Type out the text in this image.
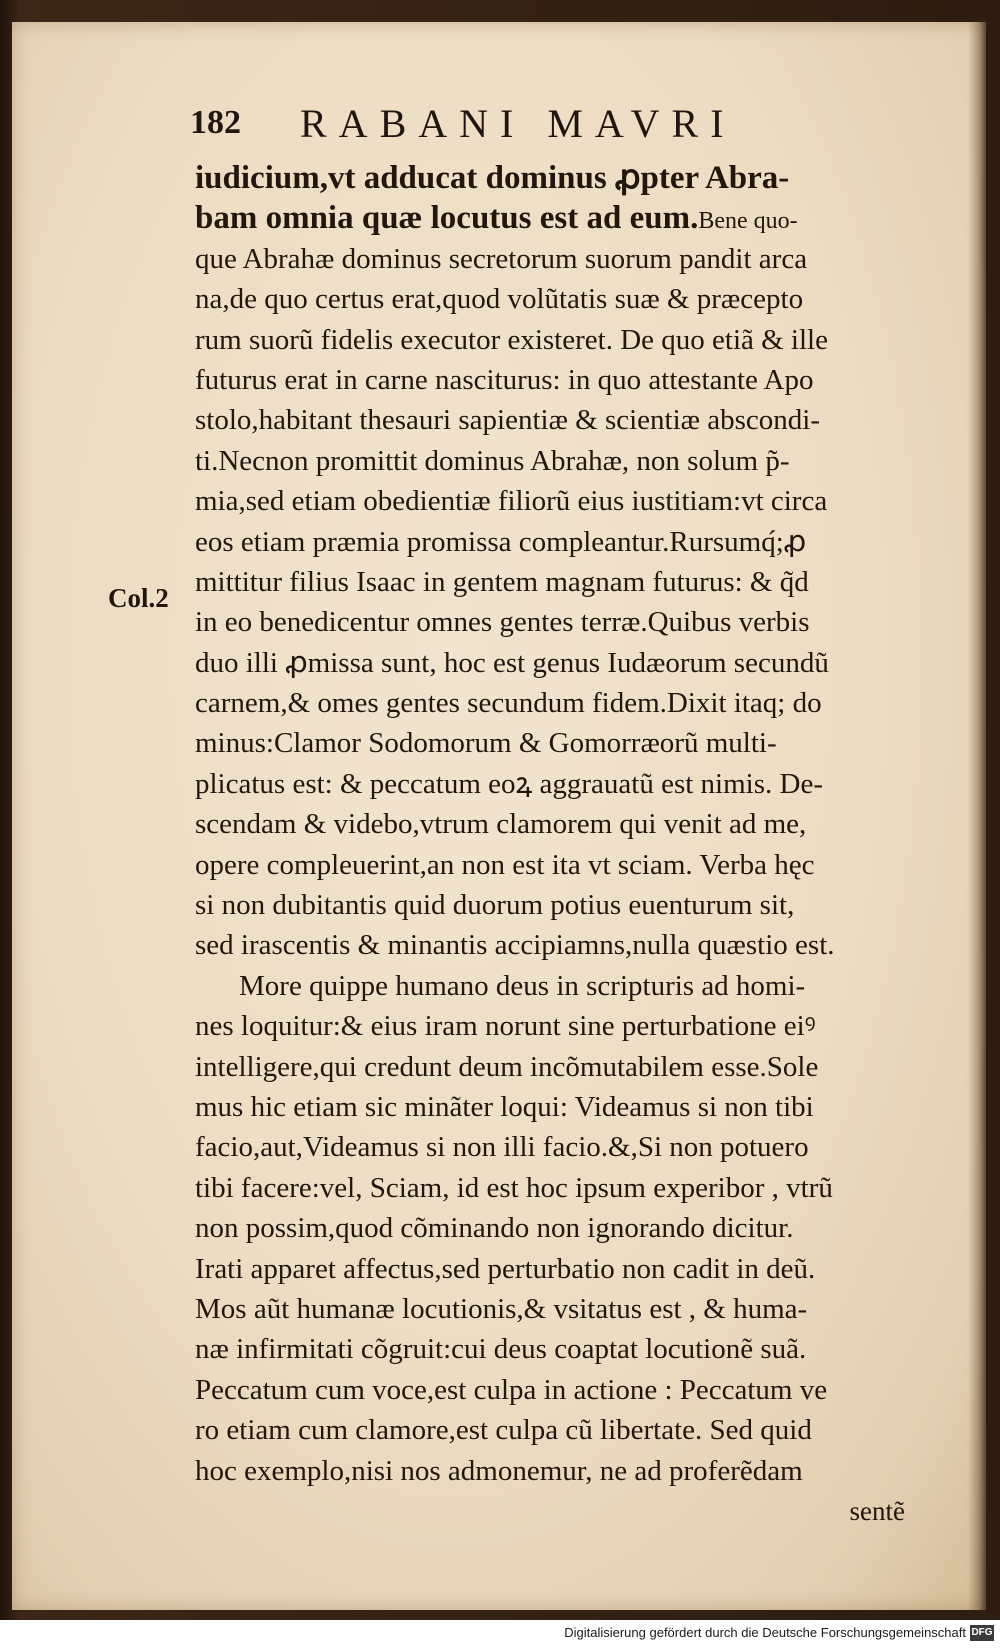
182 RABANI MAVRI
Col.2
iudicium,vt adducat dominus ꝓpter Abra-
bam omnia quæ locutus est ad eum.Bene quo-
que Abrahæ dominus secretorum suorum pandit arca
na,de quo certus erat,quod volũtatis suæ & præcepto
rum suorũ fidelis executor existeret. De quo etiã & ille
futurus erat in carne nasciturus: in quo attestante Apo
stolo,habitant thesauri sapientiæ & scientiæ abscondi-
ti.Necnon promittit dominus Abrahæ, non solum p̃-
mia,sed etiam obedientiæ filiorũ eius iustitiam:vt circa
eos etiam præmia promissa compleantur.Rursumq́;ꝓ
mittitur filius Isaac in gentem magnam futurus: & q̃d
in eo benedicentur omnes gentes terræ.Quibus verbis
duo illi ꝓmissa sunt, hoc est genus Iudæorum secundũ
carnem,& omes gentes secundum fidem.Dixit itaq; do
minus:Clamor Sodomorum & Gomorræorũ multi-
plicatus est: & peccatum eoꝝ aggrauatũ est nimis. De-
scendam & videbo,vtrum clamorem qui venit ad me,
opere compleuerint,an non est ita vt sciam. Verba hęc
si non dubitantis quid duorum potius euenturum sit,
sed irascentis & minantis accipiamns,nulla quæstio est.
More quippe humano deus in scripturis ad homi-
nes loquitur:& eius iram norunt sine perturbatione eiꝰ
intelligere,qui credunt deum incõmutabilem esse.Sole
mus hic etiam sic minãter loqui: Videamus si non tibi
facio,aut,Videamus si non illi facio.&,Si non potuero
tibi facere:vel, Sciam, id est hoc ipsum experibor , vtrũ
non possim,quod cõminando non ignorando dicitur.
Irati apparet affectus,sed perturbatio non cadit in deũ.
Mos aũt humanæ locutionis,& vsitatus est , & huma-
næ infirmitati cõgruit:cui deus coaptat locutionẽ suã.
Peccatum cum voce,est culpa in actione : Peccatum ve
ro etiam cum clamore,est culpa cũ libertate. Sed quid
hoc exemplo,nisi nos admonemur, ne ad proferẽdam
sentẽ
Digitalisierung gefördert durch die Deutsche Forschungsgemeinschaft DFG
